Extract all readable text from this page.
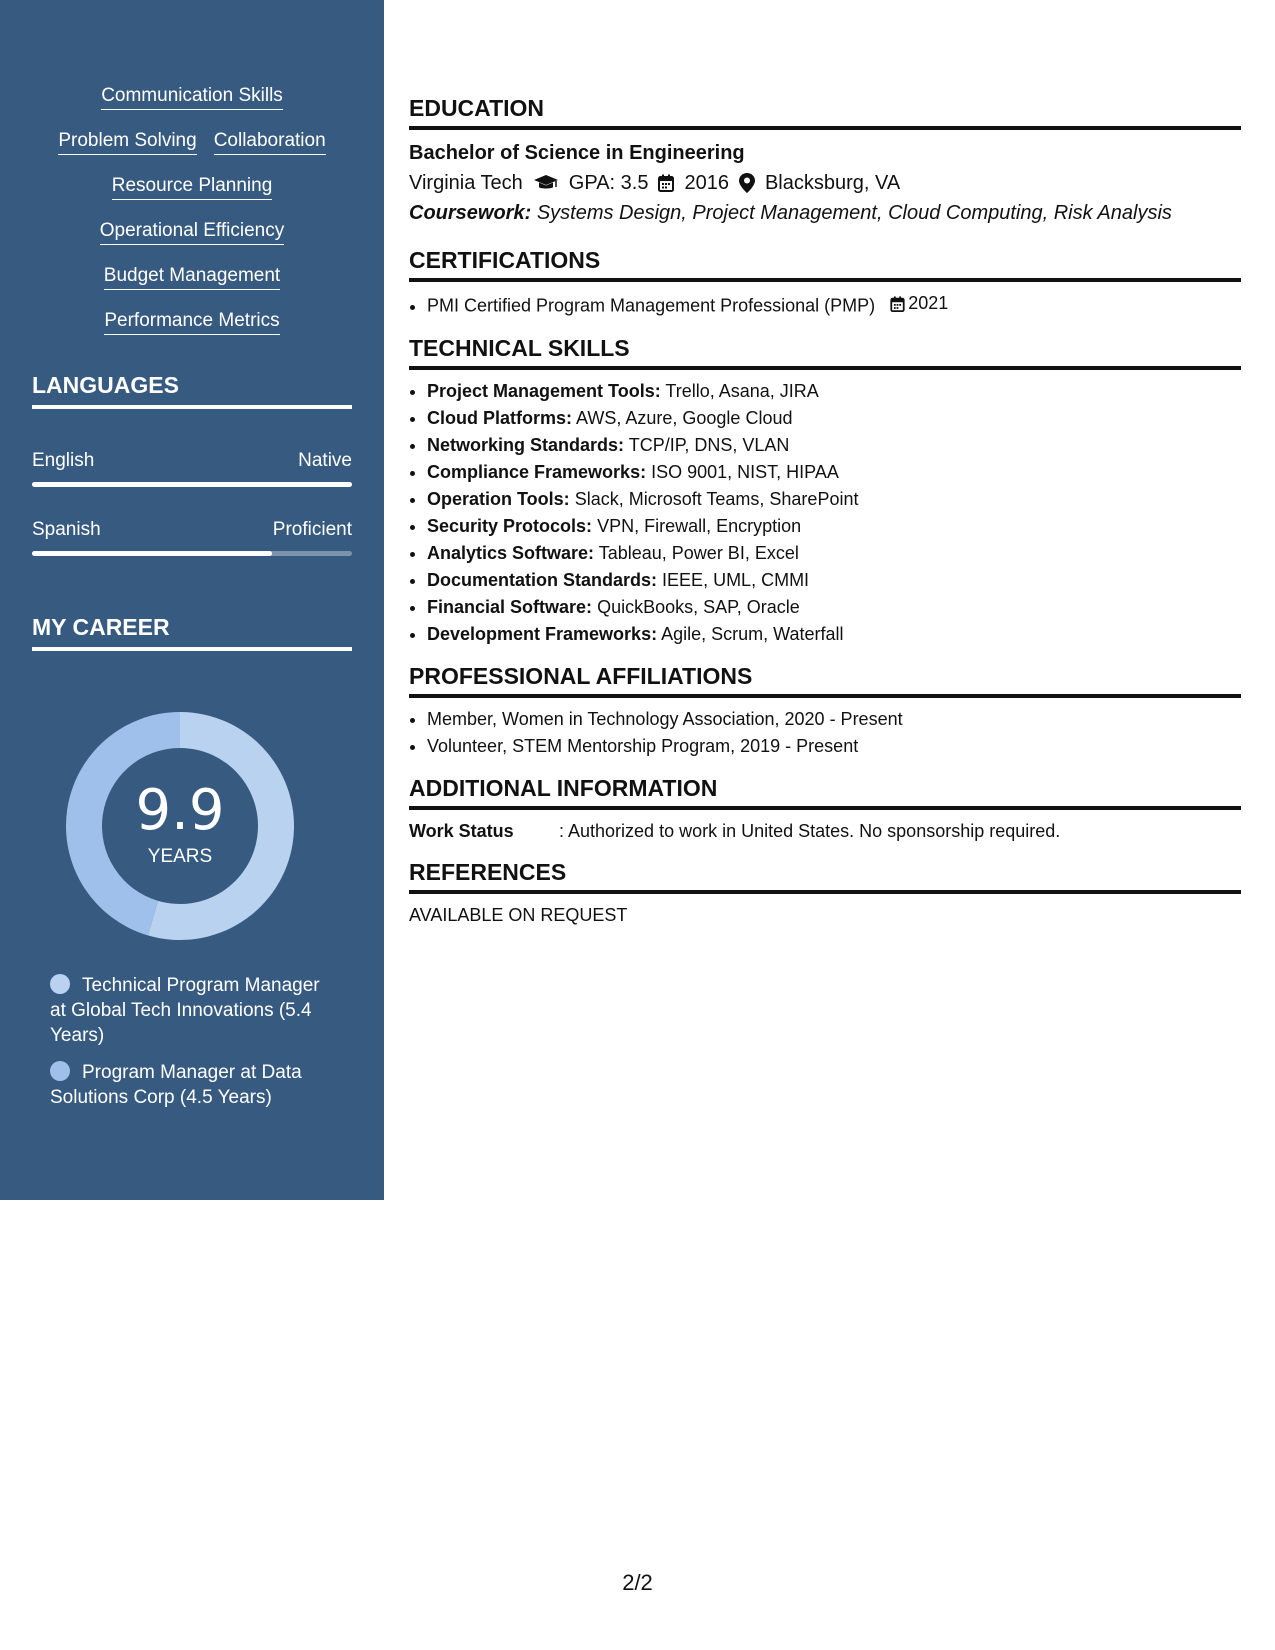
Communication Skills
Problem Solving Collaboration
Resource Planning
Operational Efficiency
Budget Management
Performance Metrics
LANGUAGES
English	Native
Spanish	Proficient
MY CAREER
9.9
YEARS
Technical Program Manager at Global Tech Innovations (5.4 Years)
Program Manager at Data Solutions Corp (4.5 Years)
EDUCATION
Bachelor of Science in Engineering
Virginia Tech GPA: 3.5 2016 Blacksburg, VA
Coursework: Systems Design, Project Management, Cloud Computing, Risk Analysis
CERTIFICATIONS
• PMI Certified Program Management Professional (PMP) 2021
TECHNICAL SKILLS
• Project Management Tools: Trello, Asana, JIRA
• Cloud Platforms: AWS, Azure, Google Cloud
• Networking Standards: TCP/IP, DNS, VLAN
• Compliance Frameworks: ISO 9001, NIST, HIPAA
• Operation Tools: Slack, Microsoft Teams, SharePoint
• Security Protocols: VPN, Firewall, Encryption
• Analytics Software: Tableau, Power BI, Excel
• Documentation Standards: IEEE, UML, CMMI
• Financial Software: QuickBooks, SAP, Oracle
• Development Frameworks: Agile, Scrum, Waterfall
PROFESSIONAL AFFILIATIONS
• Member, Women in Technology Association, 2020 - Present
• Volunteer, STEM Mentorship Program, 2019 - Present
ADDITIONAL INFORMATION
Work Status	: Authorized to work in United States. No sponsorship required.
REFERENCES
AVAILABLE ON REQUEST
2/2
